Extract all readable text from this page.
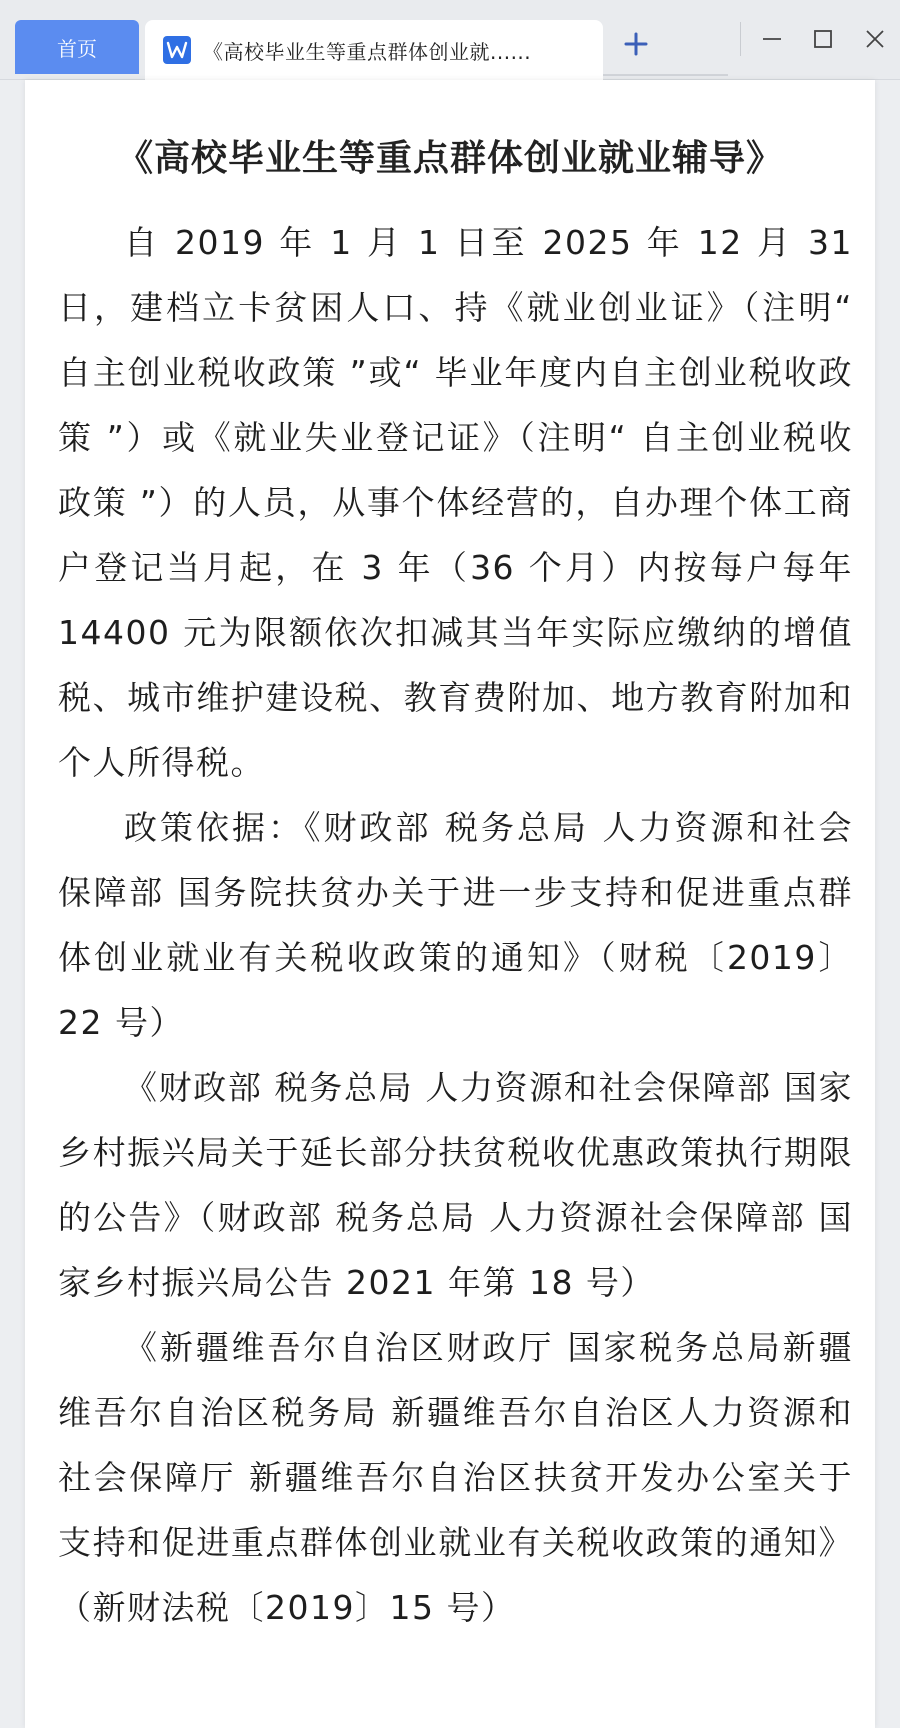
首页	《高校毕业生等重点群体创业就......
《高校毕业生等重点群体创业就业辅导》

自 2019 年 1 月 1 日至 2025 年 12 月 31 日，建档立卡贫困人口、持《就业创业证》（注明“ 自主创业税收政策 ”或“ 毕业年度内自主创业税收政策 ”）或《就业失业登记证》（注明“ 自主创业税收政策 ”）的人员，从事个体经营的，自办理个体工商户登记当月起，在 3 年（36 个月）内按每户每年 14400 元为限额依次扣减其当年实际应缴纳的增值税、城市维护建设税、教育费附加、地方教育附加和个人所得税。

政策依据：《财政部 税务总局 人力资源和社会保障部 国务院扶贫办关于进一步支持和促进重点群体创业就业有关税收政策的通知》（财税〔2019〕22 号）

《财政部 税务总局 人力资源和社会保障部 国家乡村振兴局关于延长部分扶贫税收优惠政策执行期限的公告》（财政部 税务总局 人力资源社会保障部 国家乡村振兴局公告 2021 年第 18 号）

《新疆维吾尔自治区财政厅 国家税务总局新疆维吾尔自治区税务局 新疆维吾尔自治区人力资源和社会保障厅 新疆维吾尔自治区扶贫开发办公室关于支持和促进重点群体创业就业有关税收政策的通知》（新财法税〔2019〕15 号）
